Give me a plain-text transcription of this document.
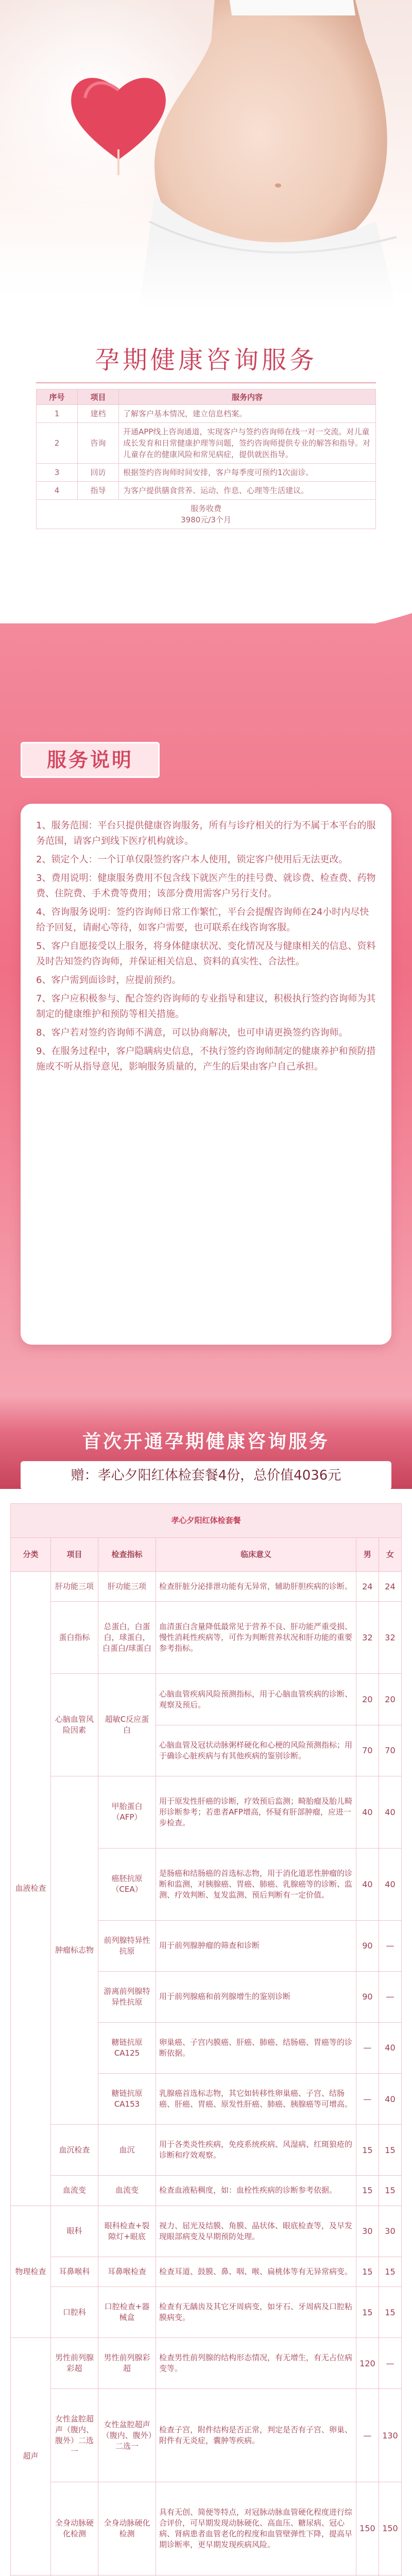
孕期健康咨询服务
序号	项目	服务内容
1	建档	了解客户基本情况，建立信息档案。
2	咨询	开通APP线上咨询通道，实现客户与签约咨询师在线一对一交流。对儿童成长发育和日常健康护理等问题，签约咨询师提供专业的解答和指导。对儿童存在的健康风险和常见病症，提供就医指导。
3	回访	根据签约咨询师时间安排，客户每季度可预约1次面诊。
4	指导	为客户提供膳食营养、运动、作息、心理等生活建议。

服务收费
3980元/3个月		
服务说明

1、服务范围：平台只提供健康咨询服务，所有与诊疗相关的行为不属于本平台的服务范围，请客户到线下医疗机构就诊。

2、锁定个人：一个订单仅限签约客户本人使用，锁定客户使用后无法更改。

3、费用说明：健康服务费用不包含线下就医产生的挂号费、就诊费、检查费、药物费、住院费、手术费等费用；该部分费用需客户另行支付。

4、咨询服务说明：签约咨询师日常工作繁忙，平台会提醒咨询师在24小时内尽快给予回复，请耐心等待，如客户需要，也可联系在线咨询客服。

5、客户自愿接受以上服务，将身体健康状况、变化情况及与健康相关的信息、资料及时告知签约咨询师，并保证相关信息、资料的真实性、合法性。

6、客户需到面诊时，应提前预约。

7、客户应积极参与、配合签约咨询师的专业指导和建议，积极执行签约咨询师为其制定的健康维护和预防等相关措施。

8、客户若对签约咨询师不满意，可以协商解决，也可申请更换签约咨询师。

9、在服务过程中，客户隐瞒病史信息，不执行签约咨询师制定的健康养护和预防措施或不听从指导意见，影响服务质量的，产生的后果由客户自己承担。

首次开通孕期健康咨询服务
赠：孝心夕阳红体检套餐4份，总价值4036元
孝心夕阳红体检套餐					
分类	项目	检查指标	临床意义	男	女
血液检查	肝功能三项	肝功能三项	检查肝脏分泌排泄功能有无异常，辅助肝胆疾病的诊断。	24	24
	蛋白指标	总蛋白，白蛋白，球蛋白，白蛋白/球蛋白	血清蛋白含量降低最常见于营养不良、肝功能严重受损、慢性消耗性疾病等，可作为判断营养状况和肝功能的重要参考指标。	32	32
	心脑血管风险因素	超敏C反应蛋白	心脑血管疾病风险预测指标，用于心脑血管疾病的诊断、观察及预后。	20	20
			心脑血管及冠状动脉粥样硬化和心梗的风险预测指标；用于确诊心脏疾病与有其他疾病的鉴别诊断。	70	70
	肿瘤标志物	甲胎蛋白（AFP）	用于原发性肝癌的诊断，疗效预后监测；畸胎瘤及胎儿畸形诊断参考；若患者AFP增高，怀疑有肝部肿瘤，应进一步检查。	40	40
		癌胚抗原（CEA）	是肠癌和结肠癌的首选标志物，用于消化道恶性肿瘤的诊断和监测，对胰腺癌、胃癌、肺癌、乳腺癌等的诊断、监测、疗效判断、复发监测、预后判断有一定价值。	40	40
		前列腺特异性抗原	用于前列腺肿瘤的筛查和诊断	90	—
		游离前列腺特异性抗原	用于前列腺癌和前列腺增生的鉴别诊断	90	—
		糖链抗原CA125	卵巢癌、子宫内膜癌、肝癌、肺癌、结肠癌、胃癌等的诊断依据。	—	40
		糖链抗原CA153	乳腺癌首选标志物，其它如转移性卵巢癌、子宫、结肠癌、肝癌、胃癌、原发性肝癌、肺癌、胰腺癌等可增高。	—	40
	血沉检查	血沉	用于各类炎性疾病，免疫系统疾病、风湿病、红斑狼疮的诊断和疗效观察。	15	15
	血流变	血流变	检查血液粘稠度，如：血栓性疾病的诊断参考依据。	15	15
物理检查	眼科	眼科检查+裂隙灯+眼底	视力、屈光及结膜、角膜、晶状体、眼底检查等，及早发现眼部病变及早期预防处理。	30	30
	耳鼻喉科	耳鼻喉检查	检查耳道、鼓膜、鼻、咽、喉、扁桃体等有无异常病变。	15	15
	口腔科	口腔检查+器械盒	检查有无龋齿及其它牙周病变，如牙石、牙周病及口腔粘膜病变。	15	15
超声	男性前列腺彩超	男性前列腺彩超	检查男性前列腺的结构形态情况，有无增生，有无占位病变等。	120	—
	女性盆腔超声（腹内、腹外）二选一	女性盆腔超声（腹内、腹外）二选一	检查子宫，附件结构是否正常，判定是否有子宫、卵巢、附件有无炎症，囊肿等疾病。	—	130
	全身动脉硬化检测	全身动脉硬化检测	具有无创、简便等特点，对冠脉动脉血管硬化程度进行综合评价，可早期发现动脉硬化、高血压、糖尿病、冠心病、肾病患者血管老化的程度和血管壁弹性下降，提高早期诊断率，更早期发现疾病风险。	150	150
